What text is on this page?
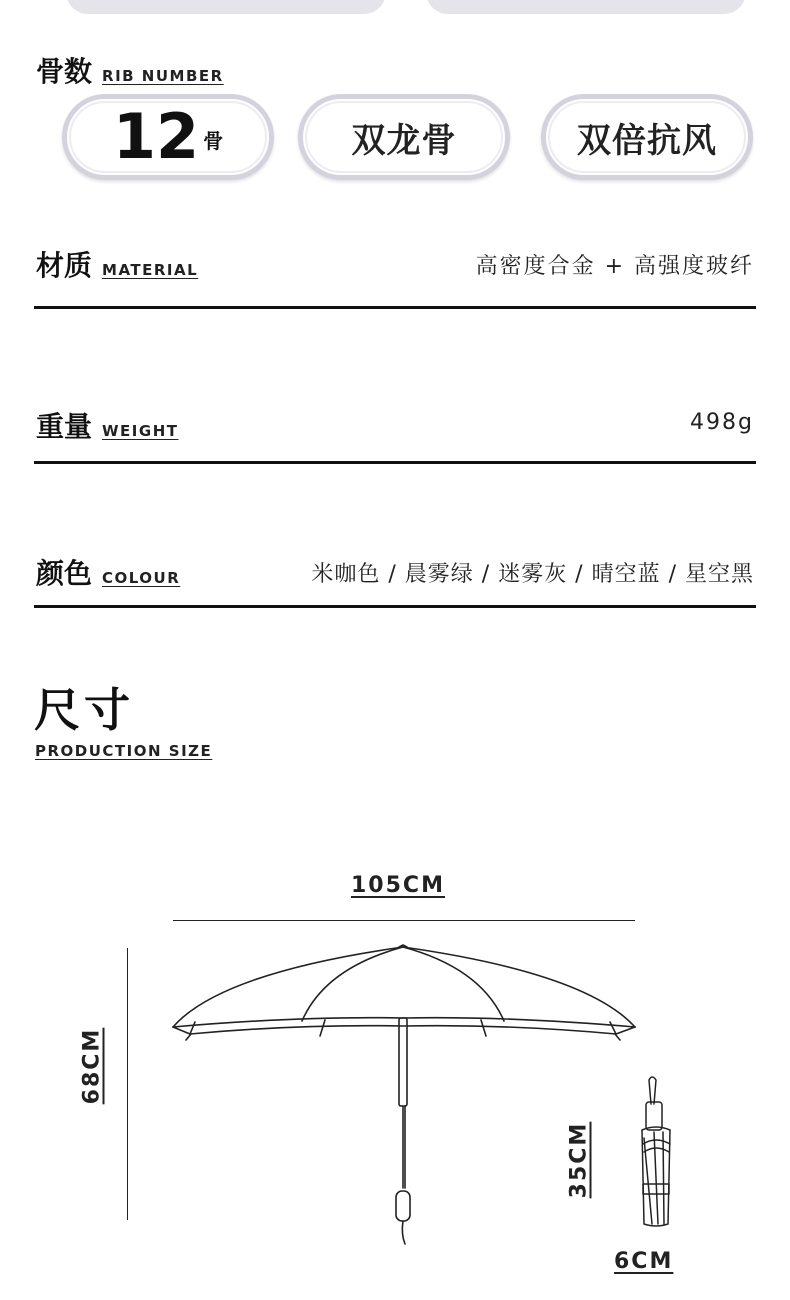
骨数 RIB NUMBER
12 骨	双龙骨	双倍抗风
材质 MATERIAL	高密度合金 + 高强度玻纤
重量 WEIGHT	498g
颜色 COLOUR	米咖色 / 晨雾绿 / 迷雾灰 / 晴空蓝 / 星空黑
尺寸
PRODUCTION SIZE
105CM
68CM
35CM
6CM
